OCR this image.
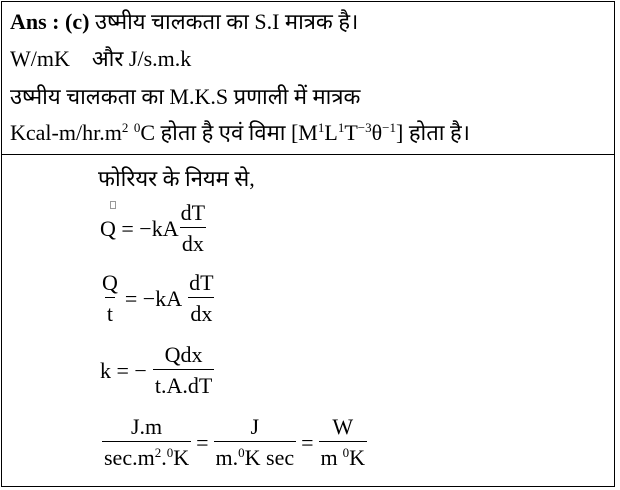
Ans : (c) उष्मीय चालकता का S.I मात्रक है।
W/mK और J/s.m.k
उष्मीय चालकता का M.K.S प्रणाली में मात्रक
Kcal-$m/hr.m^2$ $^0$C होता है एवं विमा $[M^1L^1T^{-3}\theta^{-1}]$ होता है।
फोरियर के नियम से,
$Q = -kA \frac{dT}{dx}$
$\frac{Q}{t} = -kA \frac{dT}{dx}$
k = − $\frac{\text{Qdx}}{t.A.dT}$
$\frac{J.m}{\sec.m^2.^0K} = \frac{J}{m.^0K \sec} = \frac{W}{m ^0K}$
